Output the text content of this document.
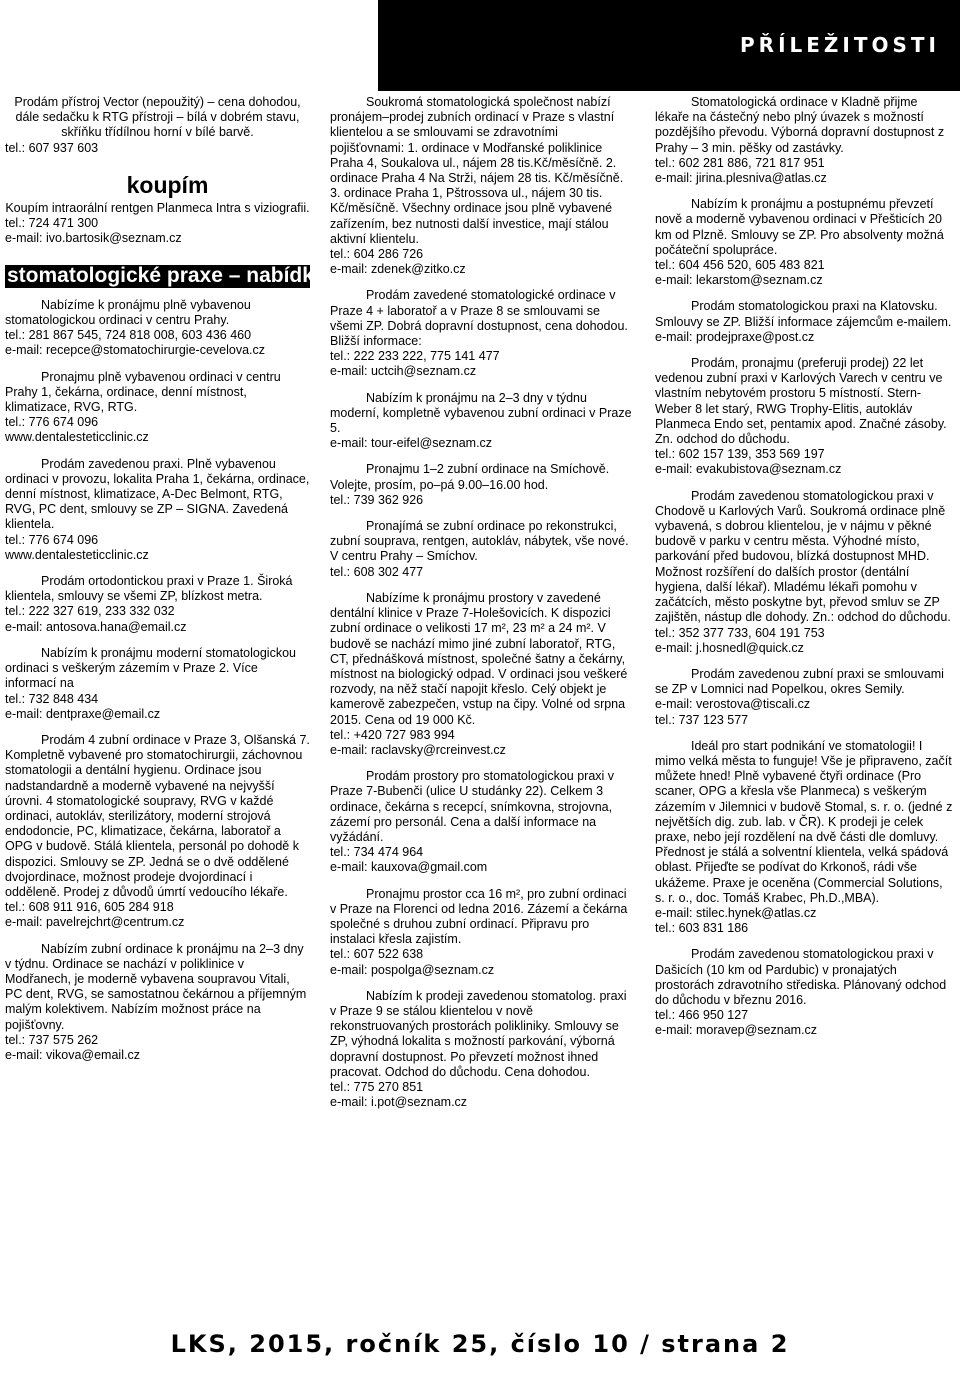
PŘÍLEŽITOSTI

Prodám přístroj Vector (nepoužitý) – cena dohodou, dále sedačku k RTG přístroji – bílá v dobrém stavu, skříňku třídílnou horní v bílé barvě.

tel.: 607 937 603

koupím

Koupím intraorální rentgen Planmeca Intra s viziografii.

tel.: 724 471 300

e-mail: ivo.bartosik@seznam.cz

stomatologické praxe – nabídka

Nabízíme k pronájmu plně vybavenou stomatologickou ordinaci v centru Prahy.

tel.: 281 867 545, 724 818 008, 603 436 460

e-mail: recepce@stomatochirurgie-cevelova.cz

Pronajmu plně vybavenou ordinaci v centru Prahy 1, čekárna, ordinace, denní místnost, klimatizace, RVG, RTG.

tel.: 776 674 096

www.dentalesteticclinic.cz

Prodám zavedenou praxi. Plně vybavenou ordinaci v provozu, lokalita Praha 1, čekárna, ordinace, denní místnost, klimatizace, A-Dec Belmont, RTG, RVG, PC dent, smlouvy se ZP – SIGNA. Zavedená klientela.

tel.: 776 674 096

www.dentalesteticclinic.cz

Prodám ortodontickou praxi v Praze 1. Široká klientela, smlouvy se všemi ZP, blízkost metra.

tel.: 222 327 619, 233 332 032

e-mail: antosova.hana@email.cz

Nabízím k pronájmu moderní stomatologickou ordinaci s veškerým zázemím v Praze 2. Více informací na

tel.: 732 848 434

e-mail: dentpraxe@email.cz

Prodám 4 zubní ordinace v Praze 3, Olšanská 7. Kompletně vybavené pro stomatochirurgii, záchovnou stomatologii a dentální hygienu. Ordinace jsou nadstandardně a moderně vybavené na nejvyšší úrovni. 4 stomatologické soupravy, RVG v každé ordinaci, autokláv, sterilizátory, moderní strojová endodoncie, PC, klimatizace, čekárna, laboratoř a OPG v budově. Stálá klientela, personál po dohodě k dispozici. Smlouvy se ZP. Jedná se o dvě oddělené dvojordinace, možnost prodeje dvojordinací i odděleně. Prodej z důvodů úmrtí vedoucího lékaře.

tel.: 608 911 916, 605 284 918

e-mail: pavelrejchrt@centrum.cz

Nabízím zubní ordinace k pronájmu na 2–3 dny v týdnu. Ordinace se nachází v poliklinice v Modřanech, je moderně vybavena soupravou Vitali, PC dent, RVG, se samostatnou čekárnou a příjemným malým kolektivem. Nabízím možnost práce na pojišťovny.

tel.: 737 575 262

e-mail: vikova@email.cz

Soukromá stomatologická společnost nabízí pronájem–prodej zubních ordinací v Praze s vlastní klientelou a se smlouvami se zdravotními pojišťovnami: 1. ordinace v Modřanské poliklinice Praha 4, Soukalova ul., nájem 28 tis.Kč/měsíčně. 2. ordinace Praha 4 Na Strži, nájem 28 tis. Kč/měsíčně. 3. ordinace Praha 1, Pštrossova ul., nájem 30 tis. Kč/měsíčně. Všechny ordinace jsou plně vybavené zařízením, bez nutnosti další investice, mají stálou aktivní klientelu.

tel.: 604 286 726

e-mail: zdenek@zitko.cz

Prodám zavedené stomatologické ordinace v Praze 4 + laboratoř a v Praze 8 se smlouvami se všemi ZP. Dobrá dopravní dostupnost, cena dohodou. Bližší informace:

tel.: 222 233 222, 775 141 477

e-mail: uctcih@seznam.cz

Nabízím k pronájmu na 2–3 dny v týdnu moderní, kompletně vybavenou zubní ordinaci v Praze 5.

e-mail: tour-eifel@seznam.cz

Pronajmu 1–2 zubní ordinace na Smíchově. Volejte, prosím, po–pá 9.00–16.00 hod.

tel.: 739 362 926

Pronajímá se zubní ordinace po rekonstrukci, zubní souprava, rentgen, autokláv, nábytek, vše nové. V centru Prahy – Smíchov.

tel.: 608 302 477

Nabízíme k pronájmu prostory v zavedené dentální klinice v Praze 7-Holešovicích. K dispozici zubní ordinace o velikosti 17 m², 23 m² a 24 m². V budově se nachází mimo jiné zubní laboratoř, RTG, CT, přednášková místnost, společné šatny a čekárny, místnost na biologický odpad. V ordinaci jsou veškeré rozvody, na něž stačí napojit křeslo. Celý objekt je kamerově zabezpečen, vstup na čipy. Volné od srpna 2015. Cena od 19 000 Kč.

tel.: +420 727 983 994

e-mail: raclavsky@rcreinvest.cz

Prodám prostory pro stomatologickou praxi v Praze 7-Bubenči (ulice U studánky 22). Celkem 3 ordinace, čekárna s recepcí, snímkovna, strojovna, zázemí pro personál. Cena a další informace na vyžádání.

tel.: 734 474 964

e-mail: kauxova@gmail.com

Pronajmu prostor cca 16 m², pro zubní ordinaci v Praze na Florenci od ledna 2016. Zázemí a čekárna společné s druhou zubní ordinací. Připravu pro instalaci křesla zajistím.

tel.: 607 522 638

e-mail: pospolga@seznam.cz

Nabízím k prodeji zavedenou stomatolog. praxi v Praze 9 se stálou klientelou v nově rekonstruovaných prostorách polikliniky. Smlouvy se ZP, výhodná lokalita s možností parkování, výborná dopravní dostupnost. Po převzetí možnost ihned pracovat. Odchod do důchodu. Cena dohodou.

tel.: 775 270 851

e-mail: i.pot@seznam.cz

Stomatologická ordinace v Kladně přijme lékaře na částečný nebo plný úvazek s možností pozdějšího převodu. Výborná dopravní dostupnost z Prahy – 3 min. pěšky od zastávky.

tel.: 602 281 886, 721 817 951

e-mail: jirina.plesniva@atlas.cz

Nabízím k pronájmu a postupnému převzetí nově a moderně vybavenou ordinaci v Přešticích 20 km od Plzně. Smlouvy se ZP. Pro absolventy možná počáteční spolupráce.

tel.: 604 456 520, 605 483 821

e-mail: lekarstom@seznam.cz

Prodám stomatologickou praxi na Klatovsku. Smlouvy se ZP. Bližší informace zájemcům e-mailem.

e-mail: prodejpraxe@post.cz

Prodám, pronajmu (preferuji prodej) 22 let vedenou zubní praxi v Karlových Varech v centru ve vlastním nebytovém prostoru 5 místností. Stern-Weber 8 let starý, RWG Trophy-Elitis, autokláv Planmeca Endo set, pentamix apod. Značné zásoby. Zn. odchod do důchodu.

tel.: 602 157 139, 353 569 197

e-mail: evakubistova@seznam.cz

Prodám zavedenou stomatologickou praxi v Chodově u Karlových Varů. Soukromá ordinace plně vybavená, s dobrou klientelou, je v nájmu v pěkné budově v parku v centru města. Výhodné místo, parkování před budovou, blízká dostupnost MHD. Možnost rozšíření do dalších prostor (dentální hygiena, další lékař). Mladému lékaři pomohu v začátcích, město poskytne byt, převod smluv se ZP zajištěn, nástup dle dohody. Zn.: odchod do důchodu.

tel.: 352 377 733, 604 191 753

e-mail: j.hosnedl@quick.cz

Prodám zavedenou zubní praxi se smlouvami se ZP v Lomnici nad Popelkou, okres Semily.

e-mail: verostova@tiscali.cz

tel.: 737 123 577

Ideál pro start podnikání ve stomatologii! I mimo velká města to funguje! Vše je připraveno, začít můžete hned! Plně vybavené čtyři ordinace (Pro scaner, OPG a křesla vše Planmeca) s veškerým zázemím v Jilemnici v budově Stomal, s. r. o. (jedné z největších dig. zub. lab. v ČR). K prodeji je celek praxe, nebo její rozdělení na dvě části dle domluvy. Přednost je stálá a solventní klientela, velká spádová oblast. Přijeďte se podívat do Krkonoš, rádi vše ukážeme. Praxe je oceněna (Commercial Solutions, s. r. o., doc. Tomáš Krabec, Ph.D.,MBA).

e-mail: stilec.hynek@atlas.cz

tel.: 603 831 186

Prodám zavedenou stomatologickou praxi v Dašicích (10 km od Pardubic) v pronajatých prostorách zdravotního střediska. Plánovaný odchod do důchodu v březnu 2016.

tel.: 466 950 127

e-mail: moravep@seznam.cz

LKS, 2015, ročník 25, číslo 10 / strana 2
